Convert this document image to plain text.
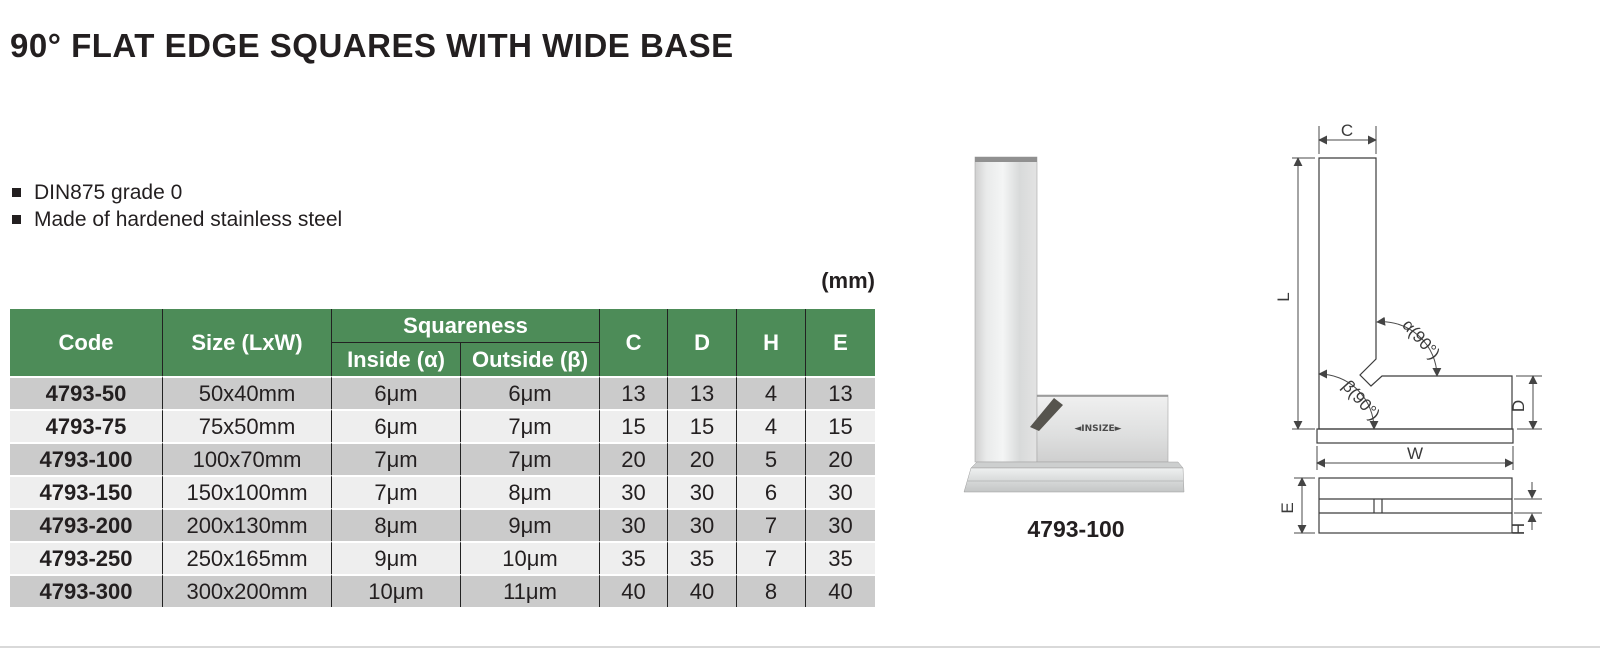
90° FLAT EDGE SQUARES WITH WIDE BASE
DIN875 grade 0
Made of hardened stainless steel
(mm)
Code	Size (LxW)	Squareness		C	D	H	E
		Inside (α)	Outside (β)				
4793-50	50x40mm	6μm	6μm	13	13	4	13
4793-75	75x50mm	6μm	7μm	15	15	4	15
4793-100	100x70mm	7μm	7μm	20	20	5	20
4793-150	150x100mm	7μm	8μm	30	30	6	30
4793-200	200x130mm	8μm	9μm	30	30	7	30
4793-250	250x165mm	9μm	10μm	35	35	7	35
4793-300	300x200mm	10μm	11μm	40	40	8	40
◄INSIZE►
4793-100
C
L
α(90°)
β(90°)	D
W
E
H
